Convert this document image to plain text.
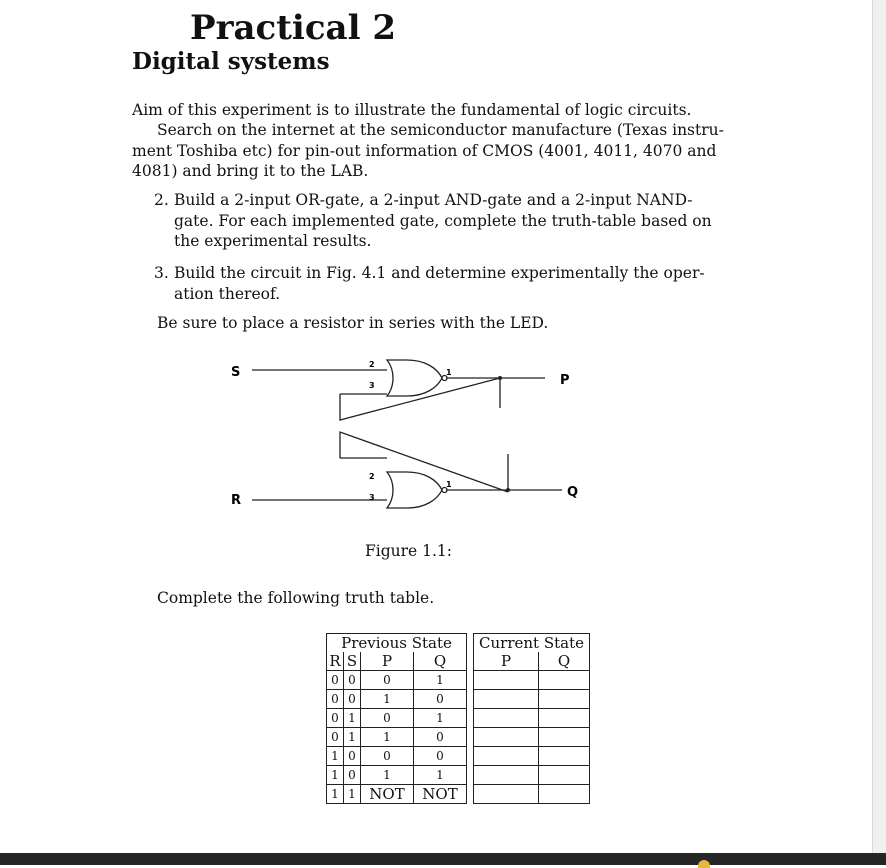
Practical 2
Digital systems
Aim of this experiment is to illustrate the fundamental of logic circuits.
Search on the internet at the semiconductor manufacture (Texas instru-
ment Toshiba etc) for pin-out information of CMOS (4001, 4011, 4070 and
4081) and bring it to the LAB.
2. Build a 2-input OR-gate, a 2-input AND-gate and a 2-input NAND-
gate. For each implemented gate, complete the truth-table based on
the experimental results.
3. Build the circuit in Fig. 4.1 and determine experimentally the oper-
ation thereof.
Be sure to place a resistor in series with the LED.
S
R
P
Q
2
3
1
2
3
1
Figure 1.1:
Complete the following truth table.
Previous State					Current State	
R	S	P	Q		P	Q
0	0	0	1			
0	0	1	0			
0	1	0	1			
0	1	1	0			
1	0	0	0			
1	0	1	1			
1	1	NOT	NOT			
